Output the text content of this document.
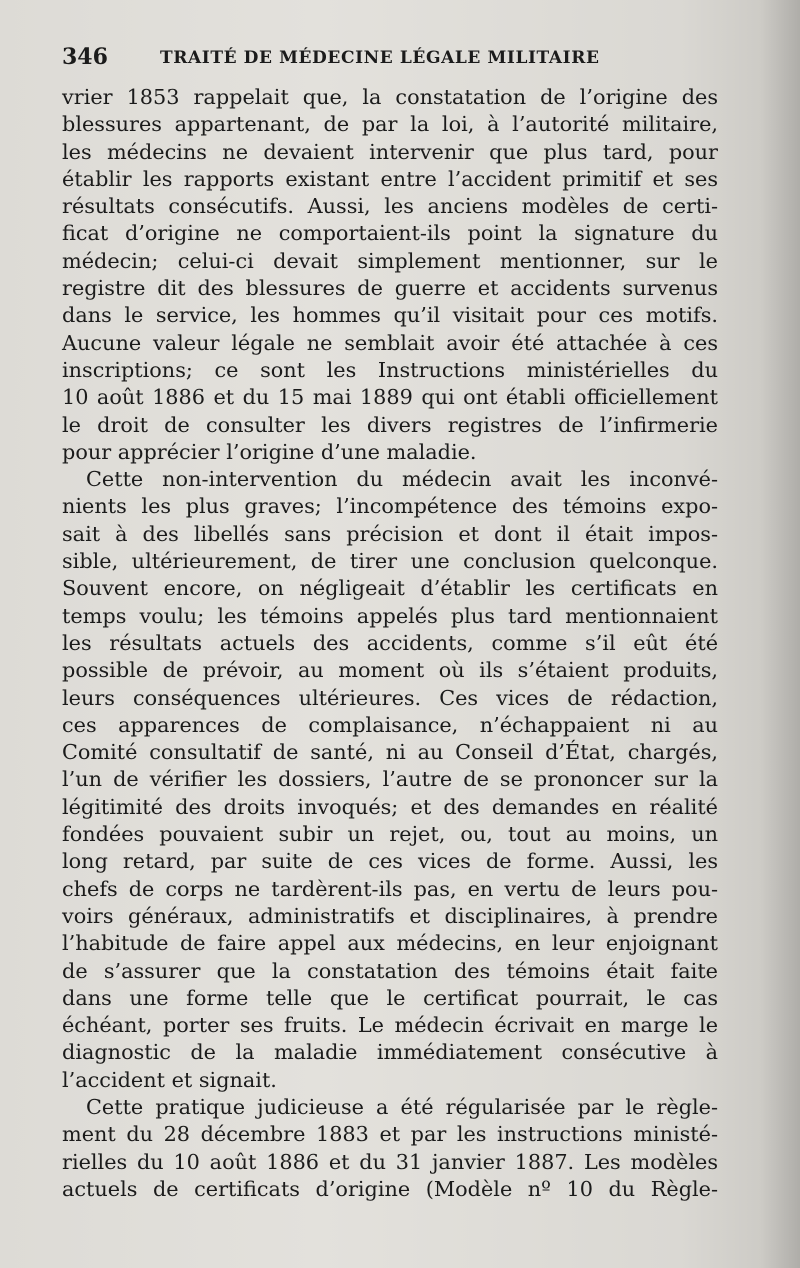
346	TRAITÉ DE MÉDECINE LÉGALE MILITAIRE
vrier 1853 rappelait que, la constatation de l’origine des
blessures appartenant, de par la loi, à l’autorité militaire,
les médecins ne devaient intervenir que plus tard, pour
établir les rapports existant entre l’accident primitif et ses
résultats consécutifs. Aussi, les anciens modèles de certi-
ficat d’origine ne comportaient-ils point la signature du
médecin; celui-ci devait simplement mentionner, sur le
registre dit des blessures de guerre et accidents survenus
dans le service, les hommes qu’il visitait pour ces motifs.
Aucune valeur légale ne semblait avoir été attachée à ces
inscriptions; ce sont les Instructions ministérielles du
10 août 1886 et du 15 mai 1889 qui ont établi officiellement
le droit de consulter les divers registres de l’infirmerie
pour apprécier l’origine d’une maladie.
Cette non-intervention du médecin avait les inconvé-
nients les plus graves; l’incompétence des témoins expo-
sait à des libellés sans précision et dont il était impos-
sible, ultérieurement, de tirer une conclusion quelconque.
Souvent encore, on négligeait d’établir les certificats en
temps voulu; les témoins appelés plus tard mentionnaient
les résultats actuels des accidents, comme s’il eût été
possible de prévoir, au moment où ils s’étaient produits,
leurs conséquences ultérieures. Ces vices de rédaction,
ces apparences de complaisance, n’échappaient ni au
Comité consultatif de santé, ni au Conseil d’État, chargés,
l’un de vérifier les dossiers, l’autre de se prononcer sur la
légitimité des droits invoqués; et des demandes en réalité
fondées pouvaient subir un rejet, ou, tout au moins, un
long retard, par suite de ces vices de forme. Aussi, les
chefs de corps ne tardèrent-ils pas, en vertu de leurs pou-
voirs généraux, administratifs et disciplinaires, à prendre
l’habitude de faire appel aux médecins, en leur enjoignant
de s’assurer que la constatation des témoins était faite
dans une forme telle que le certificat pourrait, le cas
échéant, porter ses fruits. Le médecin écrivait en marge le
diagnostic de la maladie immédiatement consécutive à
l’accident et signait.
Cette pratique judicieuse a été régularisée par le règle-
ment du 28 décembre 1883 et par les instructions ministé-
rielles du 10 août 1886 et du 31 janvier 1887. Les modèles
actuels de certificats d’origine (Modèle nº 10 du Règle-
